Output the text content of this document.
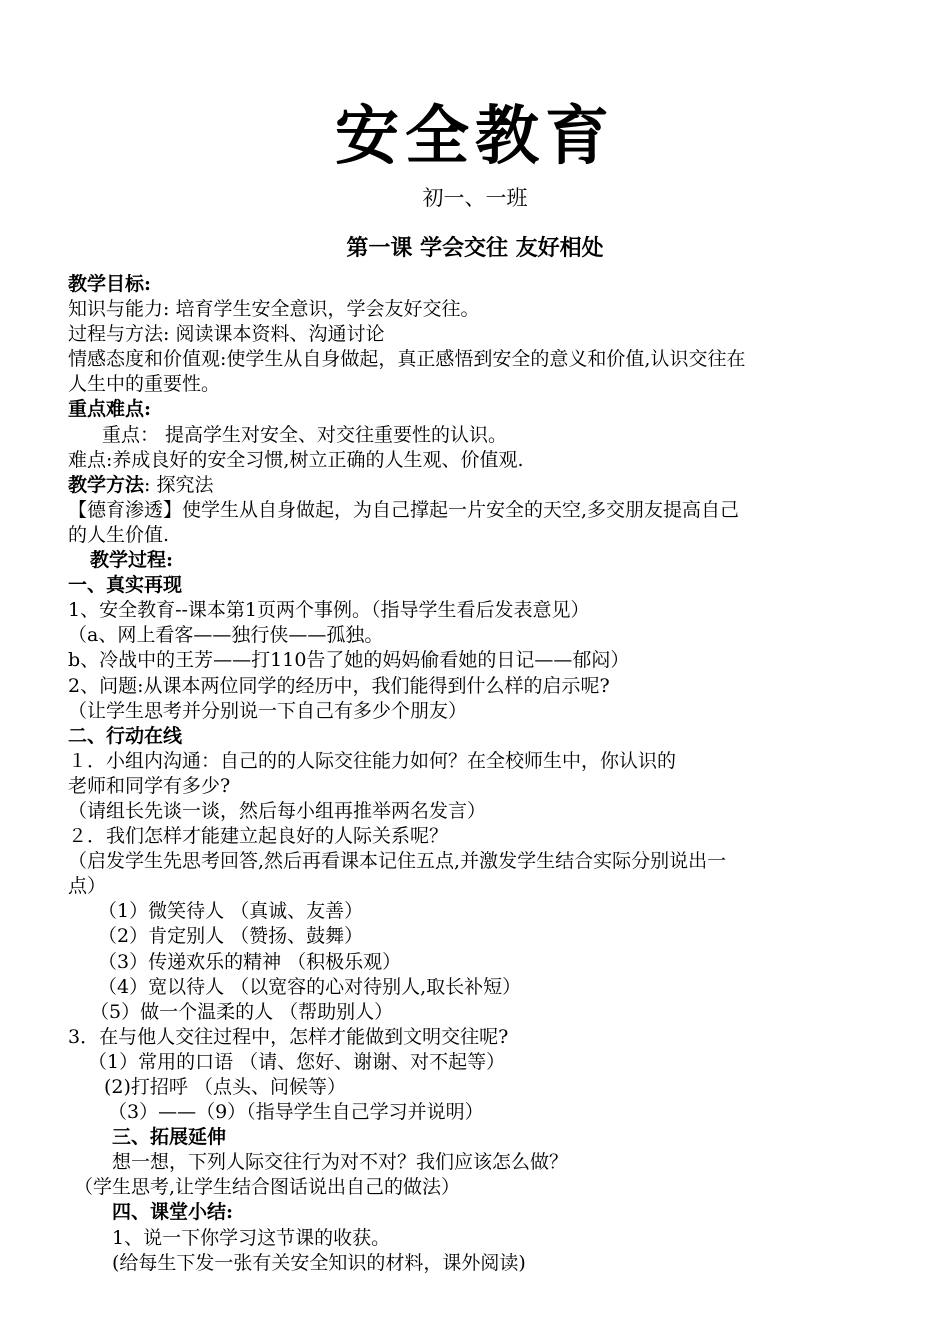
安全教育
初一、一班
第一课 学会交往 友好相处
教学目标:
知识与能力: 培育学生安全意识，学会友好交往。
过程与方法: 阅读课本资料、沟通讨论
情感态度和价值观:使学生从自身做起，真正感悟到安全的意义和价值,认识交往在
人生中的重要性。
重点难点:
重点： 提高学生对安全、对交往重要性的认识。
难点:养成良好的安全习惯,树立正确的人生观、价值观.
教学方法: 探究法
【德育渗透】使学生从自身做起，为自己撑起一片安全的天空,多交朋友提高自己
的人生价值.
教学过程:
一、真实再现
1、安全教育--课本第1页两个事例。（指导学生看后发表意见）
（a、网上看客——独行侠——孤独。
b、冷战中的王芳——打110告了她的妈妈偷看她的日记——郁闷）
2、问题:从课本两位同学的经历中，我们能得到什么样的启示呢?
（让学生思考并分别说一下自己有多少个朋友）
二、行动在线
１．小组内沟通：自己的的人际交往能力如何？在全校师生中，你认识的
老师和同学有多少?
（请组长先谈一谈，然后每小组再推举两名发言）
２．我们怎样才能建立起良好的人际关系呢？
（启发学生先思考回答,然后再看课本记住五点,并激发学生结合实际分别说出一
点）
（1）微笑待人 （真诚、友善）
（2）肯定别人 （赞扬、鼓舞）
（3）传递欢乐的精神 （积极乐观）
（4）宽以待人 （以宽容的心对待别人,取长补短）
（5）做一个温柔的人 （帮助别人）
3．在与他人交往过程中，怎样才能做到文明交往呢?
（1）常用的口语 （请、您好、谢谢、对不起等）
(2)打招呼 （点头、问候等）
（3）——（9）（指导学生自己学习并说明）
三、拓展延伸
想一想，下列人际交往行为对不对？我们应该怎么做？
（学生思考,让学生结合图话说出自己的做法）
四、课堂小结:
1、说一下你学习这节课的收获。
(给每生下发一张有关安全知识的材料，课外阅读)
